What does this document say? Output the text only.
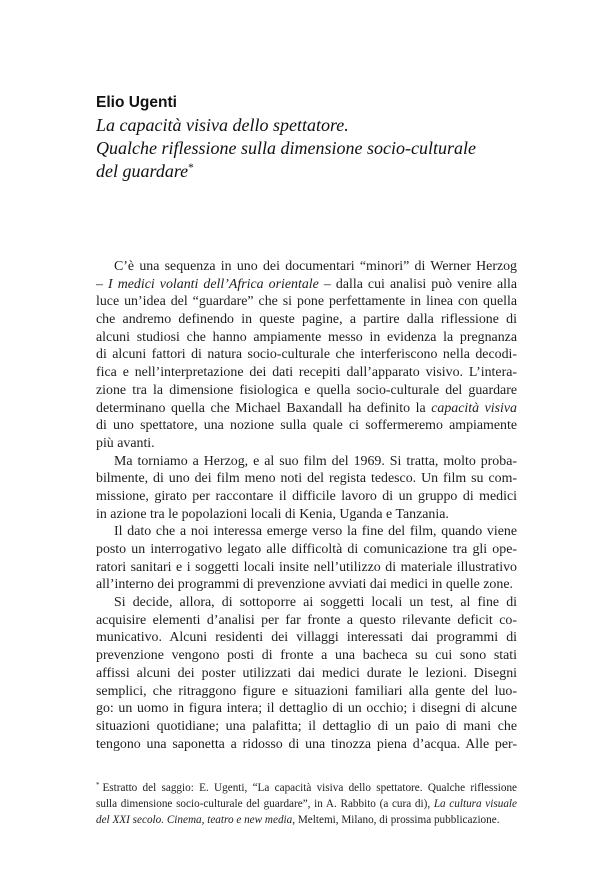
Elio Ugenti
La capacità visiva dello spettatore.
Qualche riflessione sulla dimensione socio-culturale
del guardare*
C’è una sequenza in uno dei documentari “minori” di Werner Herzog
– I medici volanti dell’Africa orientale – dalla cui analisi può venire alla
luce un’idea del “guardare” che si pone perfettamente in linea con quella
che andremo definendo in queste pagine, a partire dalla riflessione di
alcuni studiosi che hanno ampiamente messo in evidenza la pregnanza
di alcuni fattori di natura socio-culturale che interferiscono nella decodi-
fica e nell’interpretazione dei dati recepiti dall’apparato visivo. L’intera-
zione tra la dimensione fisiologica e quella socio-culturale del guardare
determinano quella che Michael Baxandall ha definito la capacità visiva
di uno spettatore, una nozione sulla quale ci soffermeremo ampiamente
più avanti.
Ma torniamo a Herzog, e al suo film del 1969. Si tratta, molto proba-
bilmente, di uno dei film meno noti del regista tedesco. Un film su com-
missione, girato per raccontare il difficile lavoro di un gruppo di medici
in azione tra le popolazioni locali di Kenia, Uganda e Tanzania.
Il dato che a noi interessa emerge verso la fine del film, quando viene
posto un interrogativo legato alle difficoltà di comunicazione tra gli ope-
ratori sanitari e i soggetti locali insite nell’utilizzo di materiale illustrativo
all’interno dei programmi di prevenzione avviati dai medici in quelle zone.
Si decide, allora, di sottoporre ai soggetti locali un test, al fine di
acquisire elementi d’analisi per far fronte a questo rilevante deficit co-
municativo. Alcuni residenti dei villaggi interessati dai programmi di
prevenzione vengono posti di fronte a una bacheca su cui sono stati
affissi alcuni dei poster utilizzati dai medici durate le lezioni. Disegni
semplici, che ritraggono figure e situazioni familiari alla gente del luo-
go: un uomo in figura intera; il dettaglio di un occhio; i disegni di alcune
situazioni quotidiane; una palafitta; il dettaglio di un paio di mani che
tengono una saponetta a ridosso di una tinozza piena d’acqua. Alle per-
* Estratto del saggio: E. Ugenti, “La capacità visiva dello spettatore. Qualche riflessione
sulla dimensione socio-culturale del guardare”, in A. Rabbito (a cura di), La cultura visuale
del XXI secolo. Cinema, teatro e new media, Meltemi, Milano, di prossima pubblicazione.
